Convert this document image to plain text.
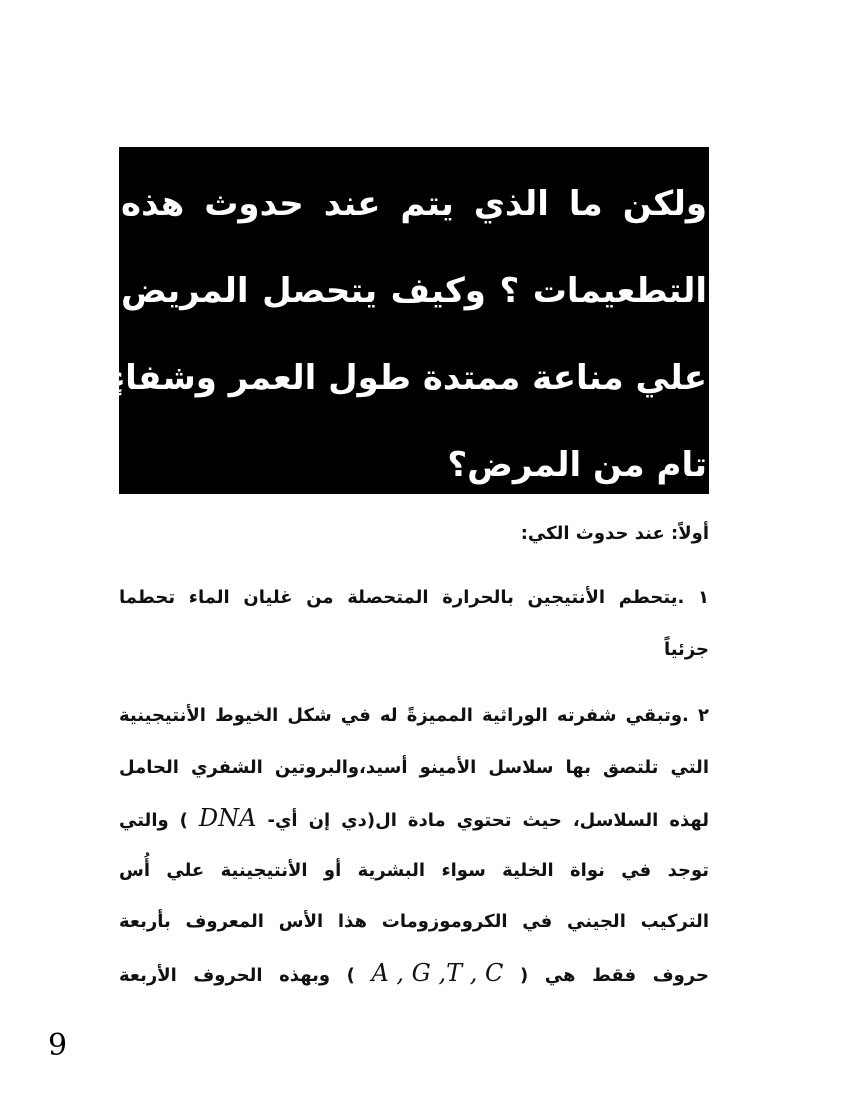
ولكن ما الذي يتم عند حدوث هذه
التطعيمات ؟ وكيف يتحصل المريض
علي مناعة ممتدة طول العمر وشفاءٍ
تام من المرض؟
أولاً: عند حدوث الكي:
١ .يتحطم الأنتيجين بالحرارة المتحصلة من غليان الماء تحطما
جزئياً
٢ .وتبقي شفرته الوراثية المميزةً له في شكل الخيوط الأنتيجينية
التي تلتصق بها سلاسل الأمينو أسيد،والبروتين الشفري الحامل
لهذه السلاسل، حيث تحتوي مادة ال(دي إن أي- DNA ) والتي
توجد في نواة الخلية سواء البشرية أو الأنتيجينية علي أُس
التركيب الجيني في الكروموزومات هذا الأس المعروف بأربعة
حروف فقط هي ( A , G ,T , C ) وبهذه الحروف الأربعة
9
